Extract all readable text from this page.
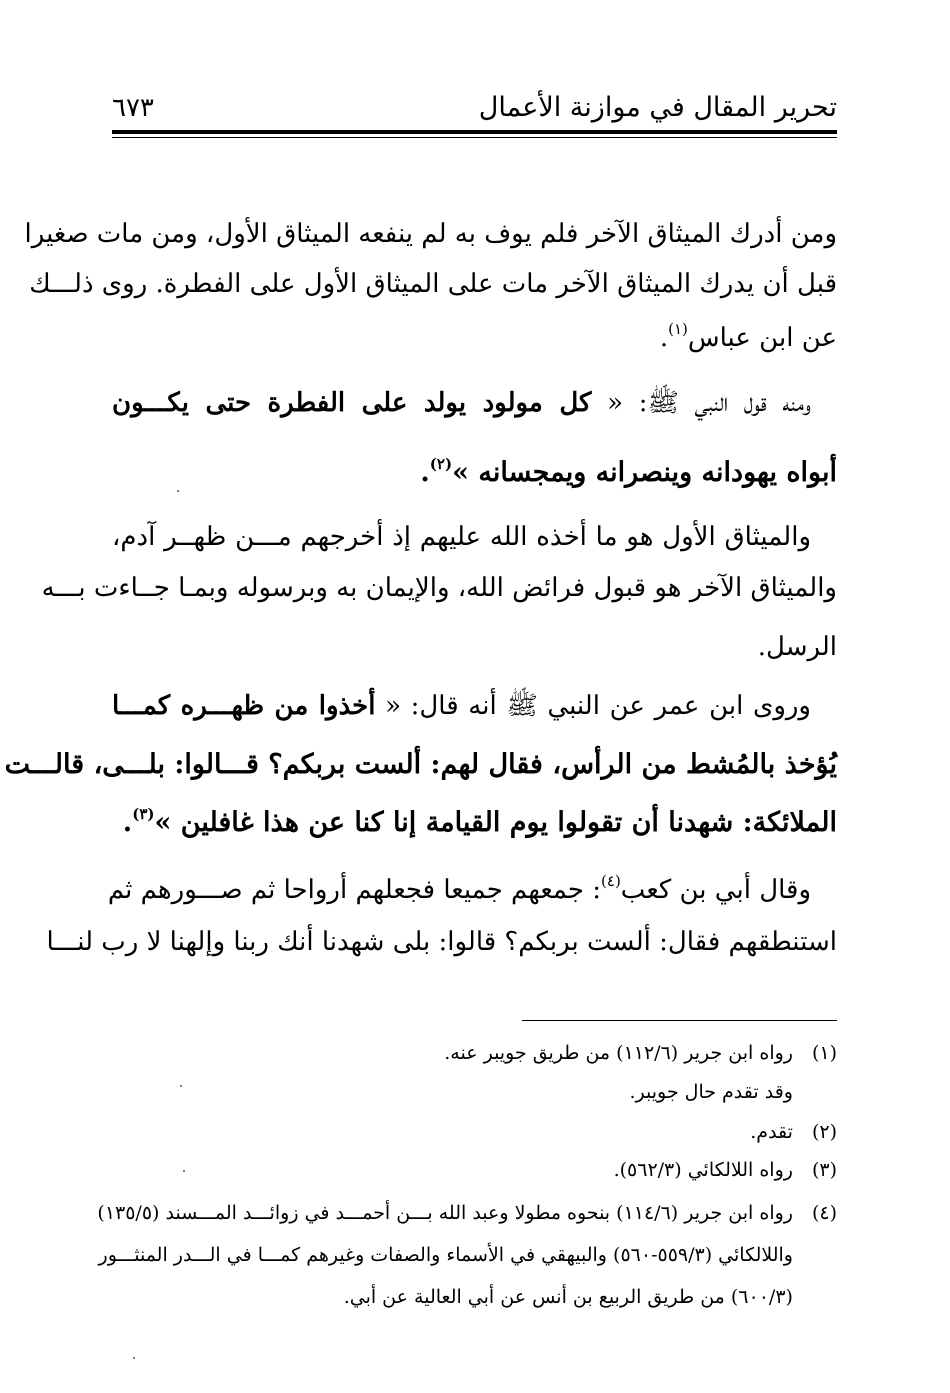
تحرير المقال في موازنة الأعمال
٦٧٣
ومن أدرك الميثاق الآخر فلم يوف به لم ينفعه الميثاق الأول، ومن مات صغيرا
قبل أن يدرك الميثاق الآخر مات على الميثاق الأول على الفطرة. روى ذلـــك
عن ابن عباس$^{(١)}$.
 ومنه قول النبي ﷺ: « كل مولود يولد على الفطرة حتى يكـــون
أبواه يهودانه وينصرانه ويمجسانه »$^{(٢)}$.
 والميثاق الأول هو ما أخذه الله عليهم إذ أخرجهم مـــن ظهــر آدم،
والميثاق الآخر هو قبول فرائض الله، والإيمان به وبرسوله وبمـا جــاءت بـــه
الرسل.
 وروى ابن عمر عن النبي ﷺ أنه قال: « أخذوا من ظهـــره كمـــا
يُؤخذ بالمُشط من الرأس، فقال لهم: ألست بربكم؟ قـــالوا: بلـــى، قالـــت
الملائكة: شهدنا أن تقولوا يوم القيامة إنا كنا عن هذا غافلين »$^{(٣)}$.
 وقال أبي بن كعب$^{(٤)}$: جمعهم جميعا فجعلهم أرواحا ثم صـــورهم ثم
استنطقهم فقال: ألست بربكم؟ قالوا: بلى شهدنا أنك ربنا وإلهنا لا رب لنـــا
(١) رواه ابن جرير (١١٢/٦) من طريق جويبر عنه.
وقد تقدم حال جويبر.
(٢) تقدم.
(٣) رواه اللالكائي (٥٦٢/٣).
(٤) رواه ابن جرير (١١٤/٦) بنحوه مطولا وعبد الله بـــن أحمـــد في زوائـــد المـــسند (١٣٥/٥)
واللالكائي (٥٥٩/٣-٥٦٠) والبيهقي في الأسماء والصفات وغيرهم كمـــا في الـــدر المنثـــور
(٦٠٠/٣) من طريق الربيع بن أنس عن أبي العالية عن أبي.
